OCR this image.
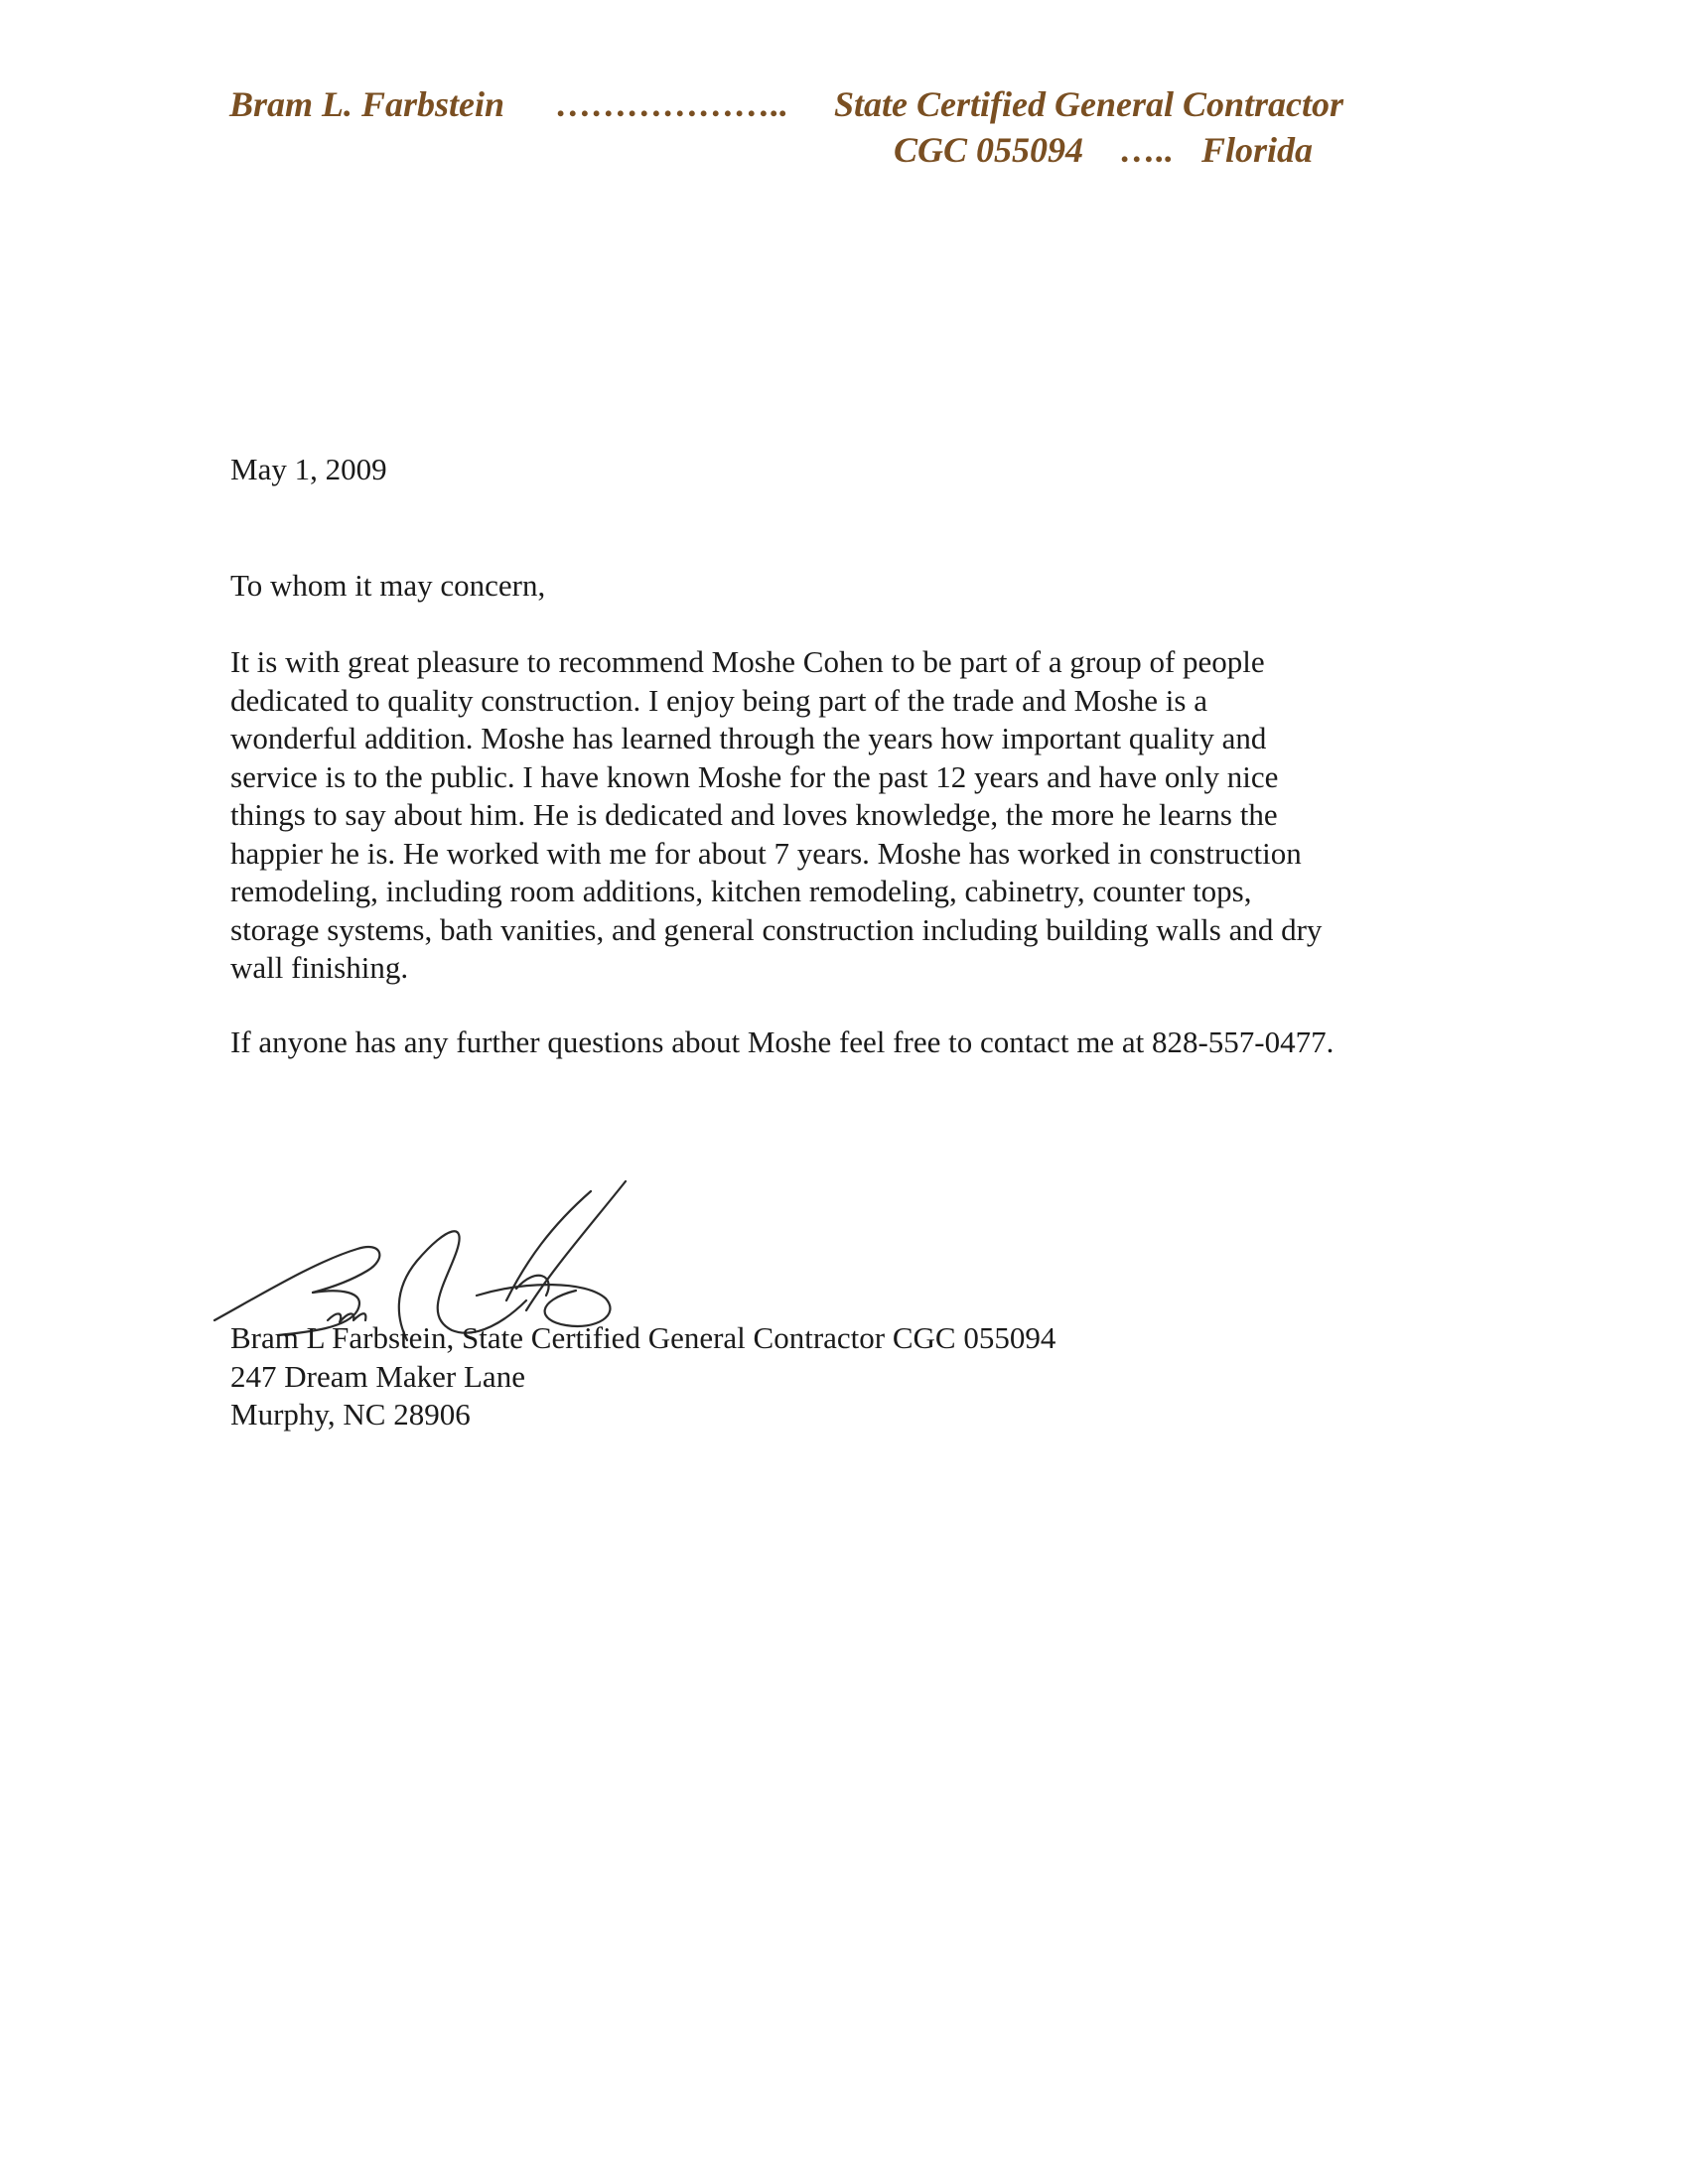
Bram L. Farbstein ……………….. State Certified General Contractor
CGC 055094 ….. Florida
May 1, 2009
To whom it may concern,
It is with great pleasure to recommend Moshe Cohen to be part of a group of people
dedicated to quality construction. I enjoy being part of the trade and Moshe is a
wonderful addition. Moshe has learned through the years how important quality and
service is to the public. I have known Moshe for the past 12 years and have only nice
things to say about him. He is dedicated and loves knowledge, the more he learns the
happier he is. He worked with me for about 7 years. Moshe has worked in construction
remodeling, including room additions, kitchen remodeling, cabinetry, counter tops,
storage systems, bath vanities, and general construction including building walls and dry
wall finishing.
If anyone has any further questions about Moshe feel free to contact me at 828-557-0477.
Bram L Farbstein, State Certified General Contractor CGC 055094
247 Dream Maker Lane
Murphy, NC 28906
